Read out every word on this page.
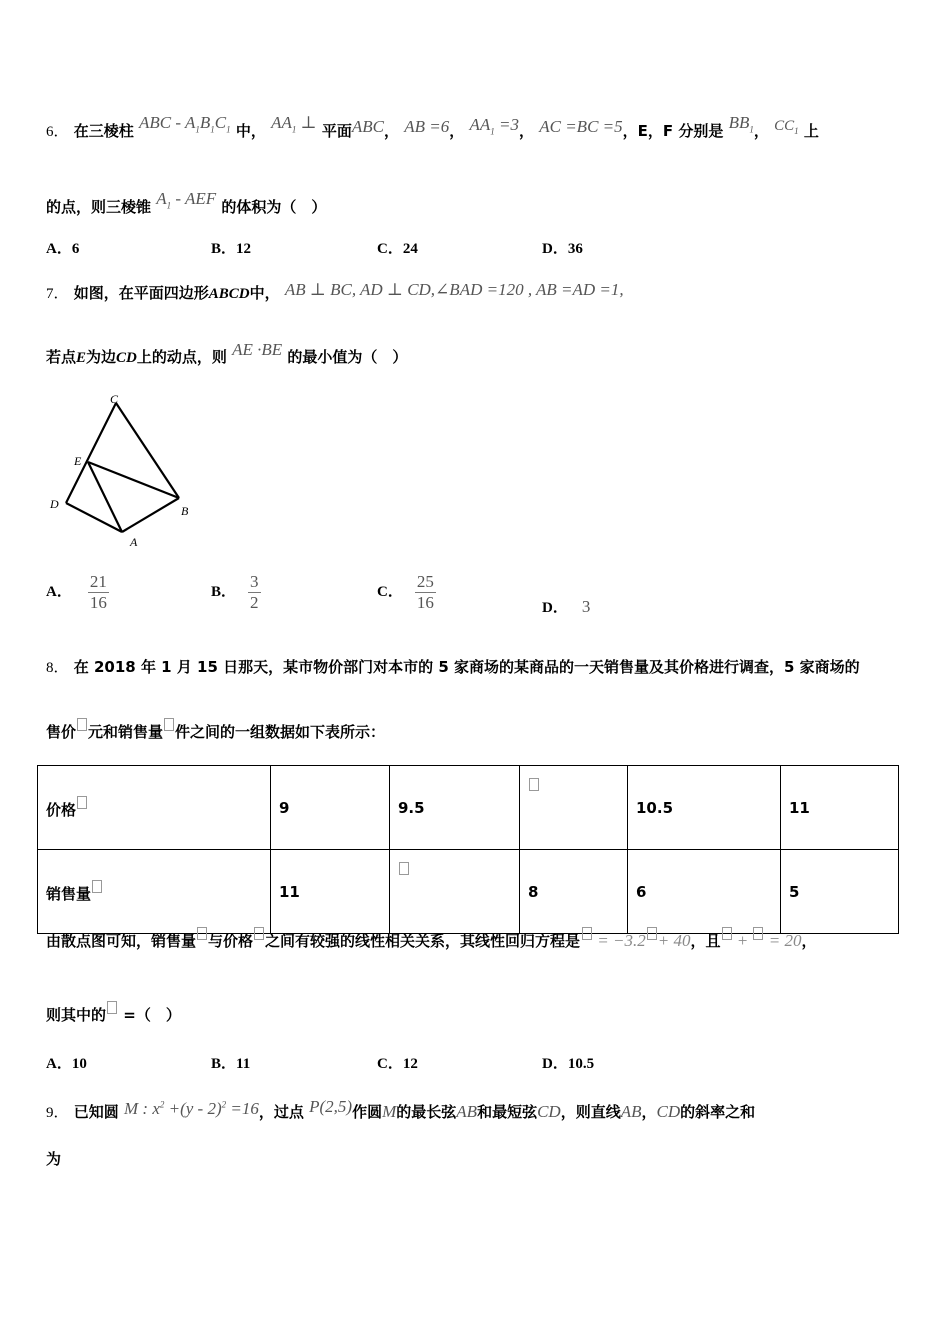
6． 在三棱柱 ABC - $A_1B_1C_1$ 中， $AA_1$ ⊥ 平面ABC， AB =6， $AA_1 =3$， AC =BC =5，E，F 分别是 $BB_1$， $CC_1$ 上
的点，则三棱锥 $A_1$ - AEF 的体积为（　）
A．6	B．12	C．24	D．36
7． 如图，在平面四边形ABCD中， AB ⊥ BC, AD ⊥ CD,∠BAD =120 , AB =AD =1,
若点E为边CD上的动点，则 AE ·BE 的最小值为（　）
C
E
D	B
A
A． $\frac{21}{16}$	B． $\frac{3}{2}$	C． $\frac{25}{16}$	D． 3
8． 在 2018 年 1 月 15 日那天，某市物价部门对本市的 5 家商场的某商品的一天销售量及其价格进行调查，5 家商场的
售价 元和销售量 件之间的一组数据如下表所示：
价格	9	9.5		10.5	11
销售量	11		8	6	5
由散点图可知，销售量 与价格 之间有较强的线性相关关系，其线性回归方程是 = −3.2 + 40，且 + = 20，
则其中的 =（　）
A．10	B．11	C．12	D．10.5
9． 已知圆 M : $x^2 +(y - 2)^2 =16$，过点 P(2,5)作圆M的最长弦AB和最短弦CD，则直线AB，CD的斜率之和
为
